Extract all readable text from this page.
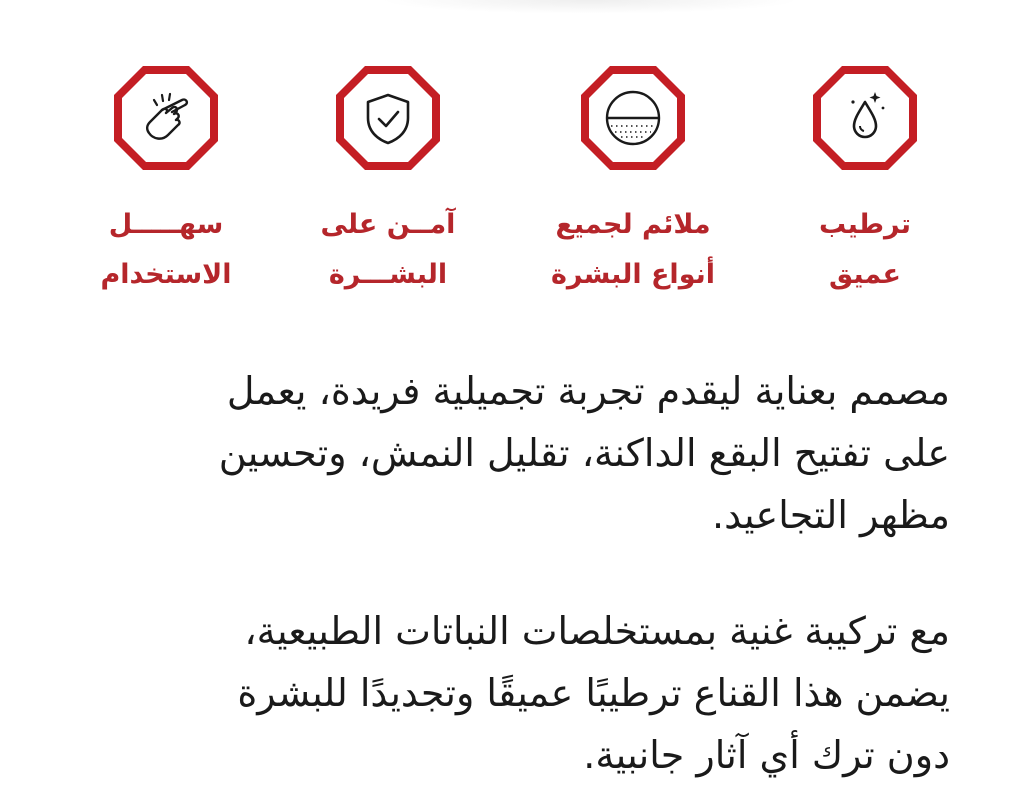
ترطيب
عميق
ملائم لجميع
أنواع البشرة
آمــن على
البشـــرة
سهـــــل
الاستخدام
مصمم بعناية ليقدم تجربة تجميلية فريدة، يعمل
على تفتيح البقع الداكنة، تقليل النمش، وتحسين
مظهر التجاعيد.
مع تركيبة غنية بمستخلصات النباتات الطبيعية،
يضمن هذا القناع ترطيبًا عميقًا وتجديدًا للبشرة
دون ترك أي آثار جانبية.
